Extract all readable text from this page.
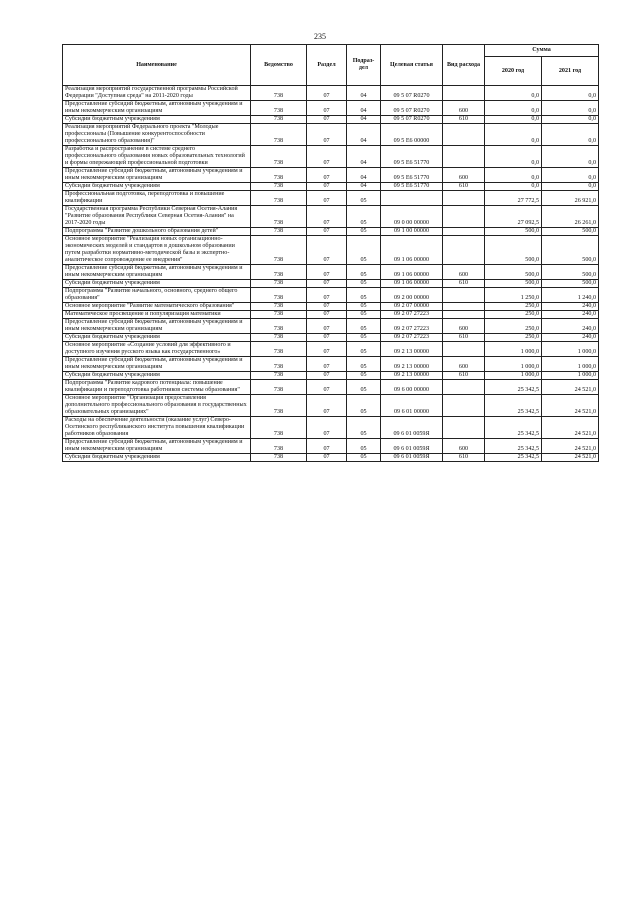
235
Наименование	Ведомство	Раздел	Подраз-дел	Целевая статья	Вид расхода	Сумма	
						2020 год	2021 год
Реализация мероприятий государственной программы Российской Федерации "Доступная среда" на 2011-2020 годы	738	07	04	09 5 07 R0270		0,0	0,0
Предоставление субсидий бюджетным, автономным учреждениям и иным некоммерческим организациям	738	07	04	09 5 07 R0270	600	0,0	0,0
Субсидии бюджетным учреждениям	738	07	04	09 5 07 R0270	610	0,0	0,0
Реализация мероприятий Федерального проекта "Молодые профессионалы (Повышение конкурентоспособности профессионального образования)"	738	07	04	09 5 E6 00000		0,0	0,0
Разработка и распространение в системе среднего профессионального образования новых образовательных технологий и формы опережающей профессиональной подготовки	738	07	04	09 5 E6 51770		0,0	0,0
Предоставление субсидий бюджетным, автономным учреждениям и иным некоммерческим организациям	738	07	04	09 5 E6 51770	600	0,0	0,0
Субсидии бюджетным учреждениям	738	07	04	09 5 E6 51770	610	0,0	0,0
Профессиональная подготовка, переподготовка и повышение квалификации	738	07	05			27 772,5	26 921,0
Государственная программа Республики Северная Осетия-Алания "Развитие образования Республики Северная Осетия-Алания" на 2017-2020 годы	738	07	05	09 0 00 00000		27 092,5	26 261,0
Подпрограмма "Развитие дошкольного образования детей"	738	07	05	09 1 00 00000		500,0	500,0
Основное мероприятие "Реализация новых организационно-экономических моделей и стандартов в дошкольном образовании путем разработки нормативно-методической базы и экспертно-аналитическое сопровождение ее внедрения"	738	07	05	09 1 06 00000		500,0	500,0
Предоставление субсидий бюджетным, автономным учреждениям и иным некоммерческим организациям	738	07	05	09 1 06 00000	600	500,0	500,0
Субсидии бюджетным учреждениям	738	07	05	09 1 06 00000	610	500,0	500,0
Подпрограмма "Развитие начального, основного, среднего общего образования"	738	07	05	09 2 00 00000		1 250,0	1 240,0
Основное мероприятие "Развитие математического образования"	738	07	05	09 2 07 00000		250,0	240,0
Математическое просвещение и популяризация математики	738	07	05	09 2 07 27223		250,0	240,0
Предоставление субсидий бюджетным, автономным учреждениям и иным некоммерческим организациям	738	07	05	09 2 07 27223	600	250,0	240,0
Субсидии бюджетным учреждениям	738	07	05	09 2 07 27223	610	250,0	240,0
Основное мероприятие «Создание условий для эффективного и доступного изучения русского языка как государственного»	738	07	05	09 2 13 00000		1 000,0	1 000,0
Предоставление субсидий бюджетным, автономным учреждениям и иным некоммерческим организациям	738	07	05	09 2 13 00000	600	1 000,0	1 000,0
Субсидии бюджетным учреждениям	738	07	05	09 2 13 00000	610	1 000,0	1 000,0
Подпрограмма "Развитие кадрового потенциала: повышение квалификации и переподготовка работников системы образования"	738	07	05	09 6 00 00000		25 342,5	24 521,0
Основное мероприятие "Организация предоставления дополнительного профессионального образования в государственных образовательных организациях"	738	07	05	09 6 01 00000		25 342,5	24 521,0
Расходы на обеспечение деятельности (оказание услуг) Северо-Осетинского республиканского института повышения квалификации работников образования	738	07	05	09 6 01 0059Я		25 342,5	24 521,0
Предоставление субсидий бюджетным, автономным учреждениям и иным некоммерческим организациям	738	07	05	09 6 01 0059Я	600	25 342,5	24 521,0
Субсидии бюджетным учреждениям	738	07	05	09 6 01 0059Я	610	25 342,5	24 521,0
